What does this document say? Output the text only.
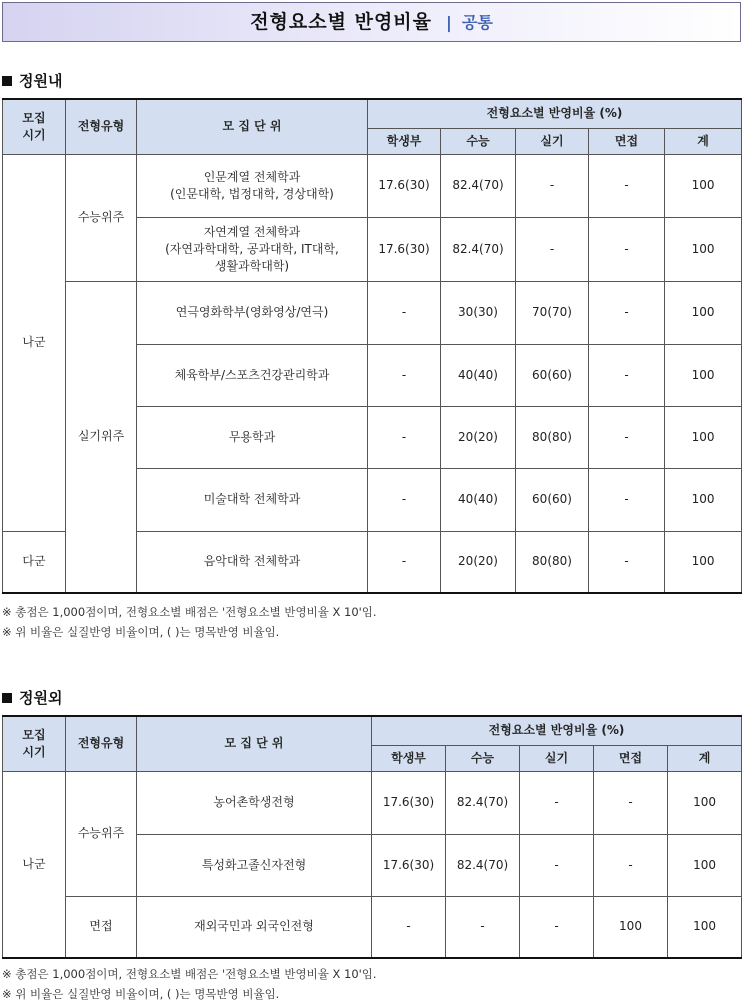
전형요소별 반영비율 | 공통
정원내
모집
시기	전형유형	모 집 단 위	전형요소별 반영비율 (%)				
			학생부	수능	실기	면접	계
나군	수능위주	인문계열 전체학과
(인문대학, 법정대학, 경상대학)	17.6(30)	82.4(70)	-	-	100
		자연계열 전체학과
(자연과학대학, 공과대학, IT대학,
생활과학대학)	17.6(30)	82.4(70)	-	-	100
	실기위주	연극영화학부(영화영상/연극)	-	30(30)	70(70)	-	100
		체육학부/스포츠건강관리학과	-	40(40)	60(60)	-	100
		무용학과	-	20(20)	80(80)	-	100
		미술대학 전체학과	-	40(40)	60(60)	-	100
다군		음악대학 전체학과	-	20(20)	80(80)	-	100
※ 총점은 1,000점이며, 전형요소별 배점은 '전형요소별 반영비율 X 10'임.
※ 위 비율은 실질반영 비율이며, ( )는 명목반영 비율임.
정원외
모집
시기	전형유형	모 집 단 위	전형요소별 반영비율 (%)				
			학생부	수능	실기	면접	계
나군	수능위주	농어촌학생전형	17.6(30)	82.4(70)	-	-	100
		특성화고졸신자전형	17.6(30)	82.4(70)	-	-	100
	면접	재외국민과 외국인전형	-	-	-	100	100
※ 총점은 1,000점이며, 전형요소별 배점은 '전형요소별 반영비율 X 10'임.
※ 위 비율은 실질반영 비율이며, ( )는 명목반영 비율임.
